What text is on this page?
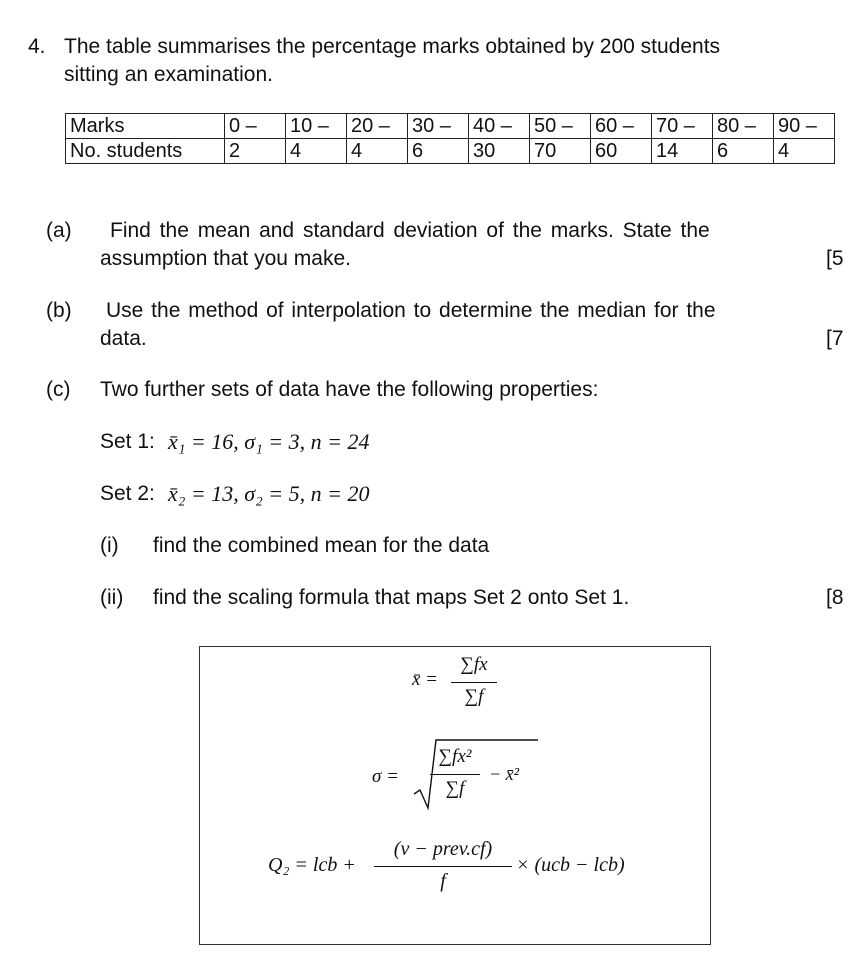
4. The table summarises the percentage marks obtained by 200 students
sitting an examination.
Marks	0 –	10 –	20 –	30 –	40 –	50 –	60 –	70 –	80 –	90 –
No. students	2	4	4	6	30	70	60	14	6	4
(a) Find the mean and standard deviation of the marks. State the
assumption that you make.	[5
(b) Use the method of interpolation to determine the median for the
data.	[7
(c) Two further sets of data have the following properties:
Set 1: x̄₁ = 16, σ₁ = 3, n = 24
Set 2: x̄₂ = 13, σ₂ = 5, n = 20
(i) find the combined mean for the data
(ii) find the scaling formula that maps Set 2 onto Set 1.	[8
x̄ =
∑fx
∑f
σ =
∑fx²
∑f
− x̄²
Q₂ = lcb +
(v − prev.cf)
f
× (ucb − lcb)
